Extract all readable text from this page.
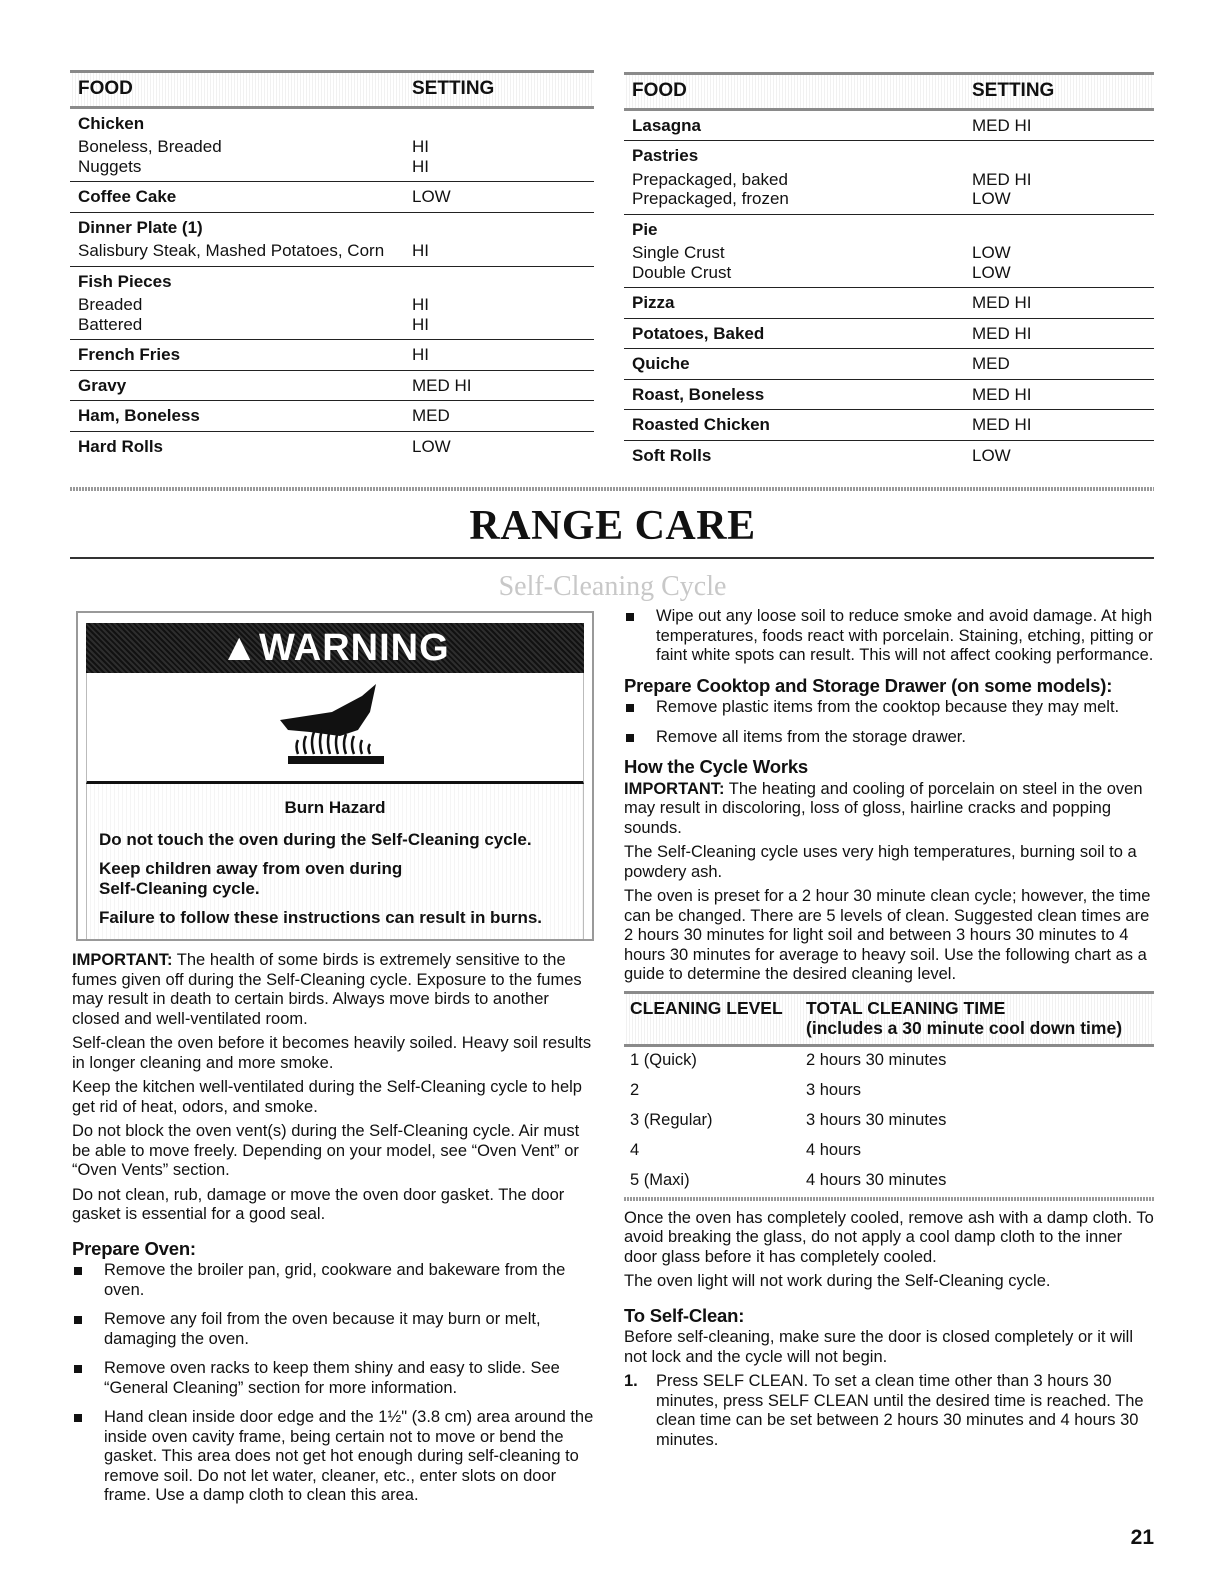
FOOD	SETTING
Chicken
Boneless, Breaded	HI
Nuggets	HI
Coffee Cake	LOW
Dinner Plate (1)
Salisbury Steak, Mashed Potatoes, Corn	HI
Fish Pieces
Breaded	HI
Battered	HI
French Fries	HI
Gravy	MED HI
Ham, Boneless	MED
Hard Rolls	LOW
FOOD	SETTING
Lasagna	MED HI
Pastries
Prepackaged, baked	MED HI
Prepackaged, frozen	LOW
Pie
Single Crust	LOW
Double Crust	LOW
Pizza	MED HI
Potatoes, Baked	MED HI
Quiche	MED
Roast, Boneless	MED HI
Roasted Chicken	MED HI
Soft Rolls	LOW
RANGE CARE
Self-Cleaning Cycle
▲WARNING
Burn Hazard

Do not touch the oven during the Self-Cleaning cycle.

Keep children away from oven during
Self-Cleaning cycle.

Failure to follow these instructions can result in burns.

IMPORTANT: The health of some birds is extremely sensitive to the fumes given off during the Self-Cleaning cycle. Exposure to the fumes may result in death to certain birds. Always move birds to another closed and well-ventilated room.

Self-clean the oven before it becomes heavily soiled. Heavy soil results in longer cleaning and more smoke.

Keep the kitchen well-ventilated during the Self-Cleaning cycle to help get rid of heat, odors, and smoke.

Do not block the oven vent(s) during the Self-Cleaning cycle. Air must be able to move freely. Depending on your model, see “Oven Vent” or “Oven Vents” section.

Do not clean, rub, damage or move the oven door gasket. The door gasket is essential for a good seal.

Prepare Oven:
Remove the broiler pan, grid, cookware and bakeware from the oven.
Remove any foil from the oven because it may burn or melt, damaging the oven.
Remove oven racks to keep them shiny and easy to slide. See “General Cleaning” section for more information.
Hand clean inside door edge and the 1½" (3.8 cm) area around the inside oven cavity frame, being certain not to move or bend the gasket. This area does not get hot enough during self-cleaning to remove soil. Do not let water, cleaner, etc., enter slots on door frame. Use a damp cloth to clean this area.
Wipe out any loose soil to reduce smoke and avoid damage. At high temperatures, foods react with porcelain. Staining, etching, pitting or faint white spots can result. This will not affect cooking performance.
Prepare Cooktop and Storage Drawer (on some models):
Remove plastic items from the cooktop because they may melt.
Remove all items from the storage drawer.
How the Cycle Works

IMPORTANT: The heating and cooling of porcelain on steel in the oven may result in discoloring, loss of gloss, hairline cracks and popping sounds.

The Self-Cleaning cycle uses very high temperatures, burning soil to a powdery ash.

The oven is preset for a 2 hour 30 minute clean cycle; however, the time can be changed. There are 5 levels of clean. Suggested clean times are 2 hours 30 minutes for light soil and between 3 hours 30 minutes to 4 hours 30 minutes for average to heavy soil. Use the following chart as a guide to determine the desired cleaning level.

CLEANING LEVEL	TOTAL CLEANING TIME
(includes a 30 minute cool down time)
1 (Quick)	2 hours 30 minutes
2	3 hours
3 (Regular)	3 hours 30 minutes
4	4 hours
5 (Maxi)	4 hours 30 minutes

Once the oven has completely cooled, remove ash with a damp cloth. To avoid breaking the glass, do not apply a cool damp cloth to the inner door glass before it has completely cooled.

The oven light will not work during the Self-Cleaning cycle.

To Self-Clean:

Before self-cleaning, make sure the door is closed completely or it will not lock and the cycle will not begin.

1. Press SELF CLEAN. To set a clean time other than 3 hours 30 minutes, press SELF CLEAN until the desired time is reached. The clean time can be set between 2 hours 30 minutes and 4 hours 30 minutes.
21
